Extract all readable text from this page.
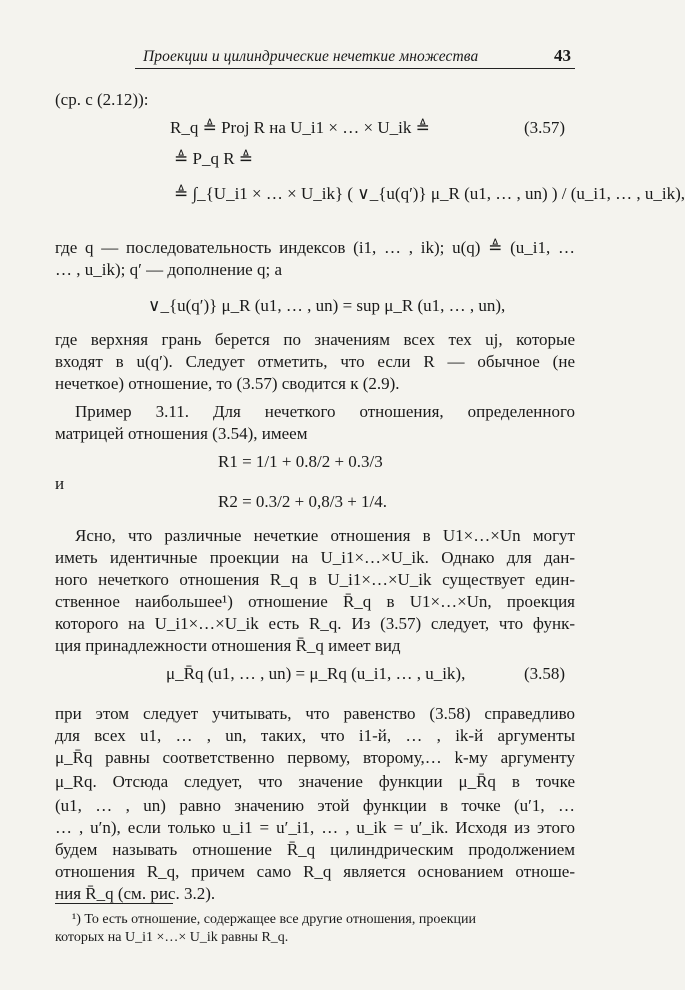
Проекции и цилиндрические нечеткие множества	43
(ср. с (2.12)):
R_q ≜ Proj R на U_i1 × … × U_ik ≜	(3.57)
≜ P_q R ≜
≜ ∫_{U_i1 × … × U_ik} ( ∨_{u(q′)} μ_R (u1, … , un) ) / (u_i1, … , u_ik),
где q — последовательность индексов (i1, … , ik); u(q) ≜ (u_i1, …
… , u_ik); q′ — дополнение q; а
∨_{u(q′)} μ_R (u1, … , un) = sup μ_R (u1, … , un),
где верхняя грань берется по значениям всех тех uj, которые
входят в u(q′). Следует отметить, что если R — обычное (не
нечеткое) отношение, то (3.57) сводится к (2.9).
Пример 3.11. Для нечеткого отношения, определенного
матрицей отношения (3.54), имеем
R1 = 1/1 + 0.8/2 + 0.3/3
и
R2 = 0.3/2 + 0,8/3 + 1/4.
Ясно, что различные нечеткие отношения в U1×…×Un могут
иметь идентичные проекции на U_i1×…×U_ik. Однако для дан-
ного нечеткого отношения R_q в U_i1×…×U_ik существует един-
ственное наибольшее¹) отношение R̄_q в U1×…×Un, проекция
которого на U_i1×…×U_ik есть R_q. Из (3.57) следует, что функ-
ция принадлежности отношения R̄_q имеет вид
μ_R̄q (u1, … , un) = μ_Rq (u_i1, … , u_ik),	(3.58)
при этом следует учитывать, что равенство (3.58) справедливо
для всех u1, … , un, таких, что i1-й, … , ik-й аргументы
μ_R̄q равны соответственно первому, второму,… k-му аргументу
μ_Rq. Отсюда следует, что значение функции μ_R̄q в точке
(u1, … , un) равно значению этой функции в точке (u′1, …
… , u′n), если только u_i1 = u′_i1, … , u_ik = u′_ik. Исходя из этого
будем называть отношение R̄_q цилиндрическим продолжением
отношения R_q, причем само R_q является основанием отноше-
ния R̄_q (см. рис. 3.2).
¹) То есть отношение, содержащее все другие отношения, проекции
которых на U_i1 ×…× U_ik равны R_q.
